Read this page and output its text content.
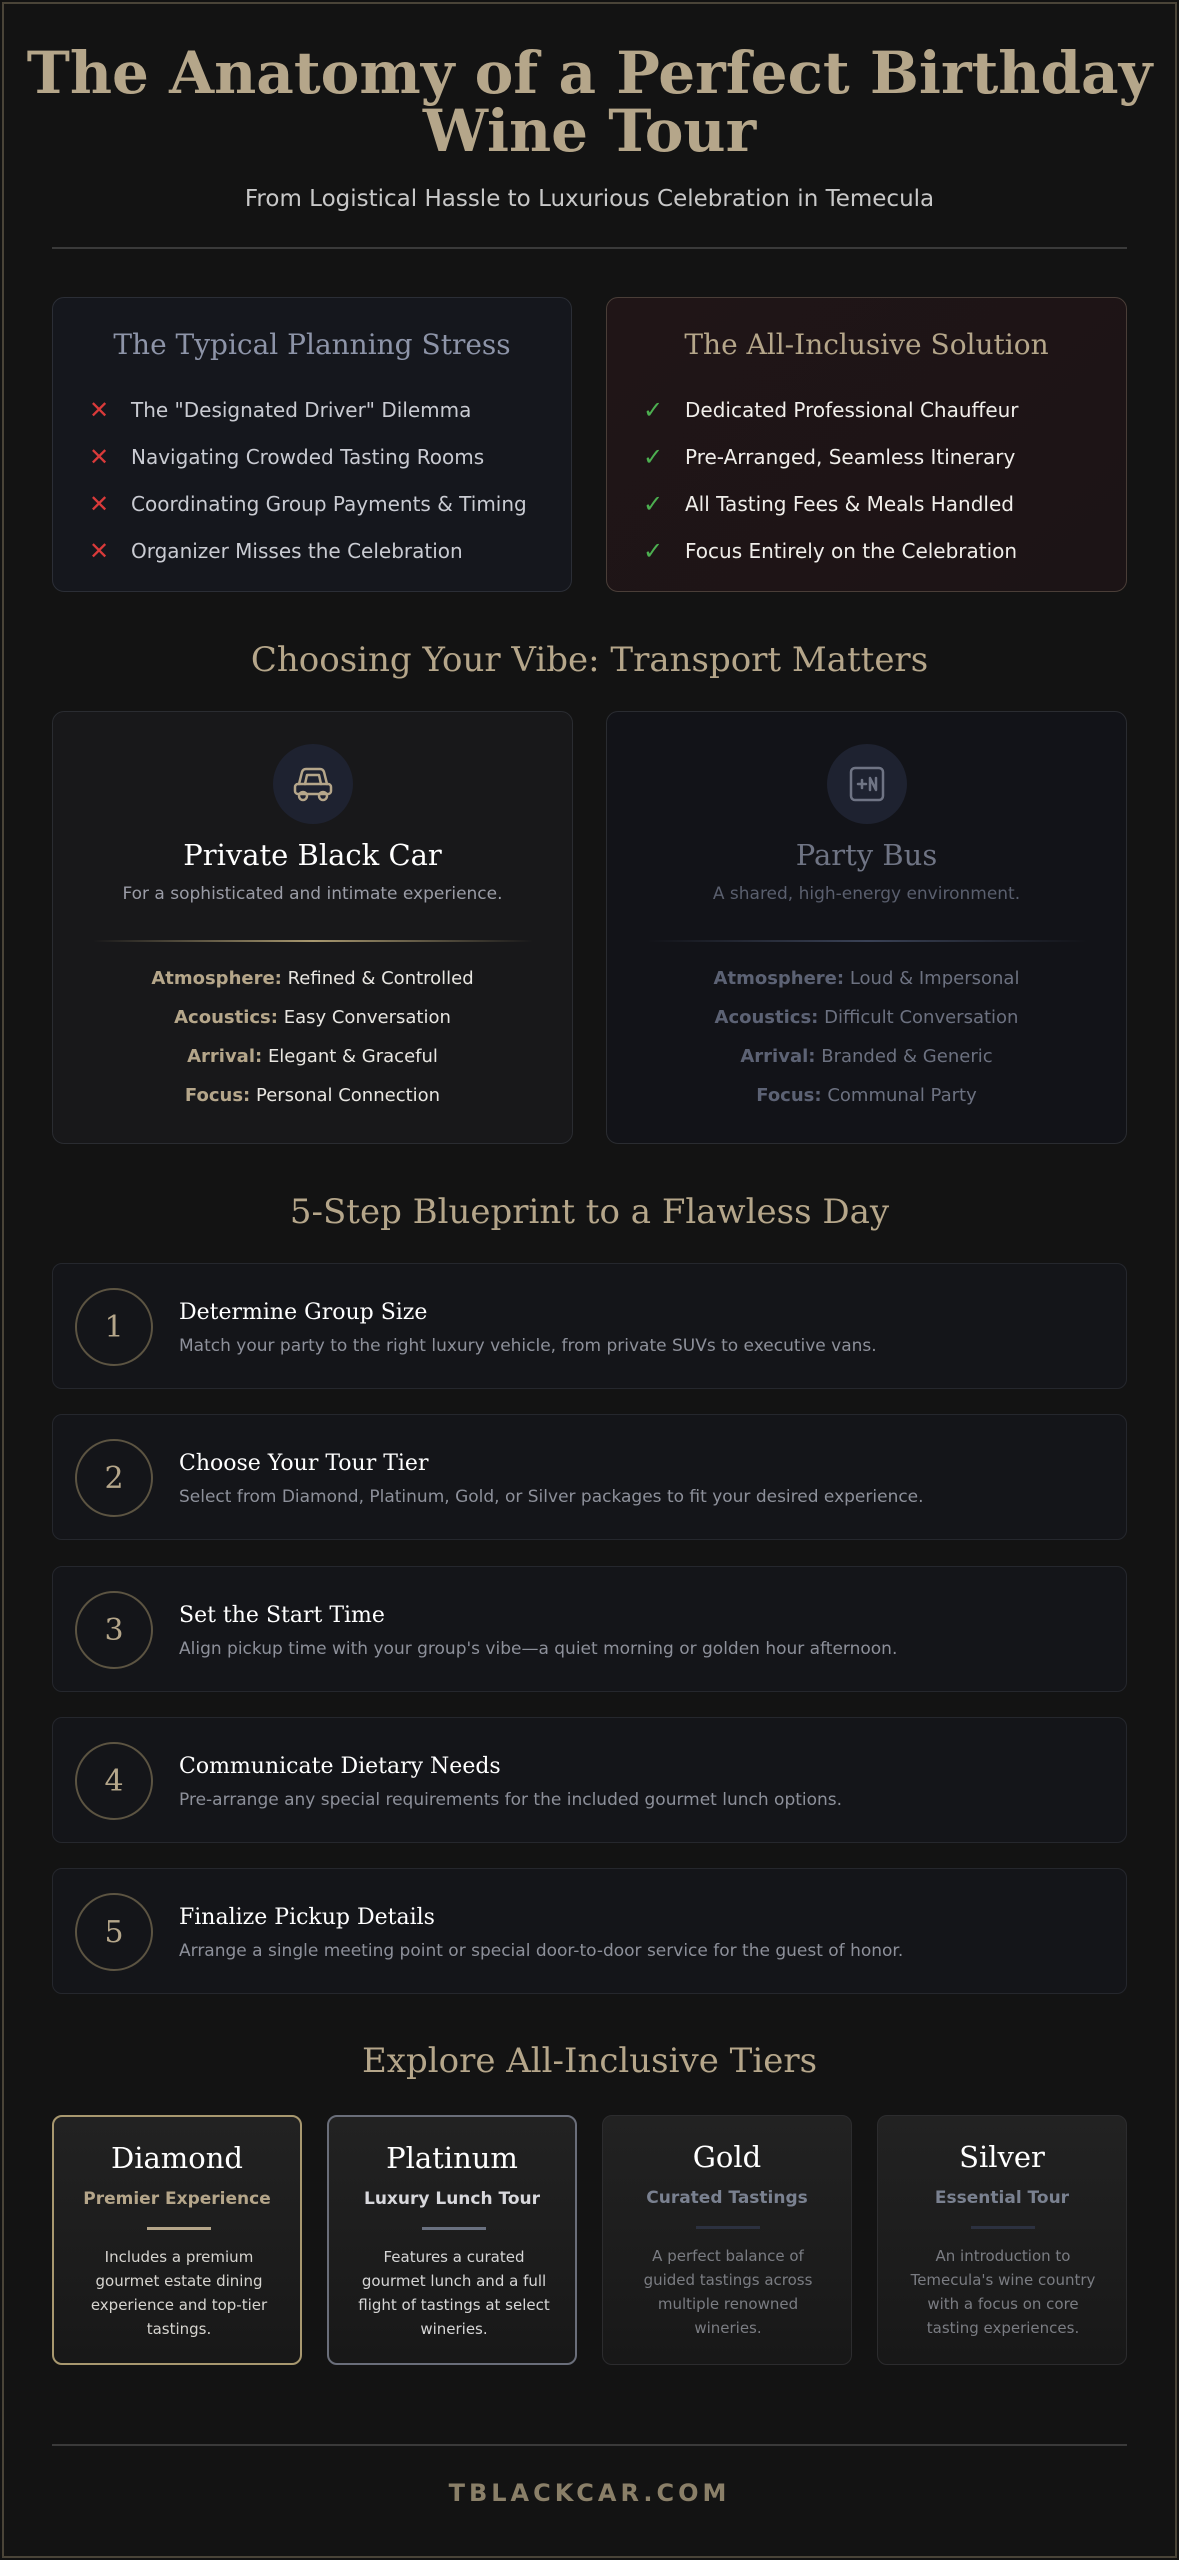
The Anatomy of a Perfect Birthday
Wine Tour
From Logistical Hassle to Luxurious Celebration in Temecula
The Typical Planning Stress
✕	The "Designated Driver" Dilemma
✕	Navigating Crowded Tasting Rooms
✕	Coordinating Group Payments & Timing
✕	Organizer Misses the Celebration
The All-Inclusive Solution
✓	Dedicated Professional Chauffeur
✓	Pre-Arranged, Seamless Itinerary
✓	All Tasting Fees & Meals Handled
✓	Focus Entirely on the Celebration
Choosing Your Vibe: Transport Matters
Private Black Car
For a sophisticated and intimate experience.
Atmosphere: Refined & Controlled
Acoustics: Easy Conversation
Arrival: Elegant & Graceful
Focus: Personal Connection
Party Bus
A shared, high-energy environment.
Atmosphere: Loud & Impersonal
Acoustics: Difficult Conversation
Arrival: Branded & Generic
Focus: Communal Party
5-Step Blueprint to a Flawless Day
1	Determine Group Size
Match your party to the right luxury vehicle, from private SUVs to executive vans.
2	Choose Your Tour Tier
Select from Diamond, Platinum, Gold, or Silver packages to fit your desired experience.
3	Set the Start Time
Align pickup time with your group's vibe—a quiet morning or golden hour afternoon.
4	Communicate Dietary Needs
Pre-arrange any special requirements for the included gourmet lunch options.
5	Finalize Pickup Details
Arrange a single meeting point or special door-to-door service for the guest of honor.
Explore All-Inclusive Tiers
Diamond
Premier Experience
Includes a premium gourmet estate dining experience and top-tier tastings.
Platinum
Luxury Lunch Tour
Features a curated gourmet lunch and a full flight of tastings at select wineries.
Gold
Curated Tastings
A perfect balance of guided tastings across multiple renowned wineries.
Silver
Essential Tour
An introduction to Temecula's wine country with a focus on core tasting experiences.
TBLACKCAR.COM
